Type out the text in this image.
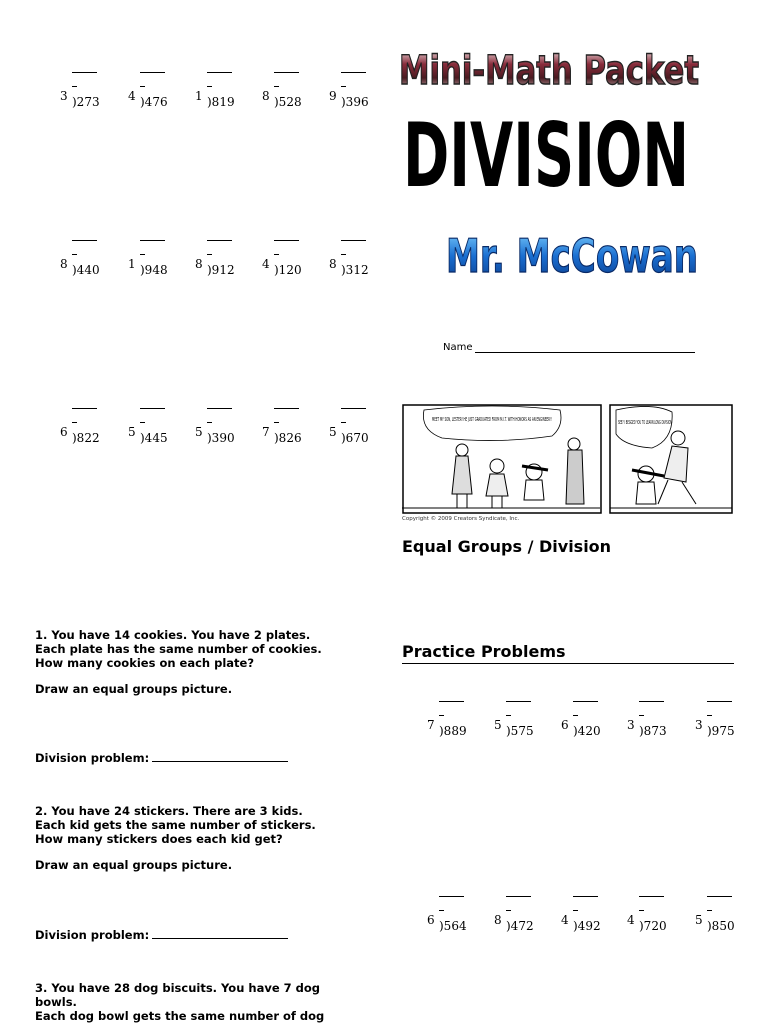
3 )273 4 )476 1 )819 8 )528 9 )396
8 )440 1 )948 8 )912 4 )120 8 )312
6 )822 5 )445 5 )390 7 )826 5 )670
Mini-Math Packet
DIVISION
Mr. McCowan
Name
MEET MY SON, LESTER! HE JUST GRADUATED FROM M.I.T. WITH HONORS AS AN ENGINEER!!	SEE? I BEGGED YOU TO LEARN LONG DIVISION
Copyright © 2009 Creators Syndicate, Inc.
Equal Groups / Division
Practice Problems
7 )889 5 )575 6 )420 3 )873 3 )975
6 )564 8 )472 4 )492 4 )720 5 )850

1. You have 14 cookies. You have 2 plates.

Each plate has the same number of cookies.

How many cookies on each plate?

Draw an equal groups picture.

Division problem:

2. You have 24 stickers. There are 3 kids.

Each kid gets the same number of stickers.

How many stickers does each kid get?

Draw an equal groups picture.

Division problem:

3. You have 28 dog biscuits. You have 7 dog

bowls.

Each dog bowl gets the same number of dog
